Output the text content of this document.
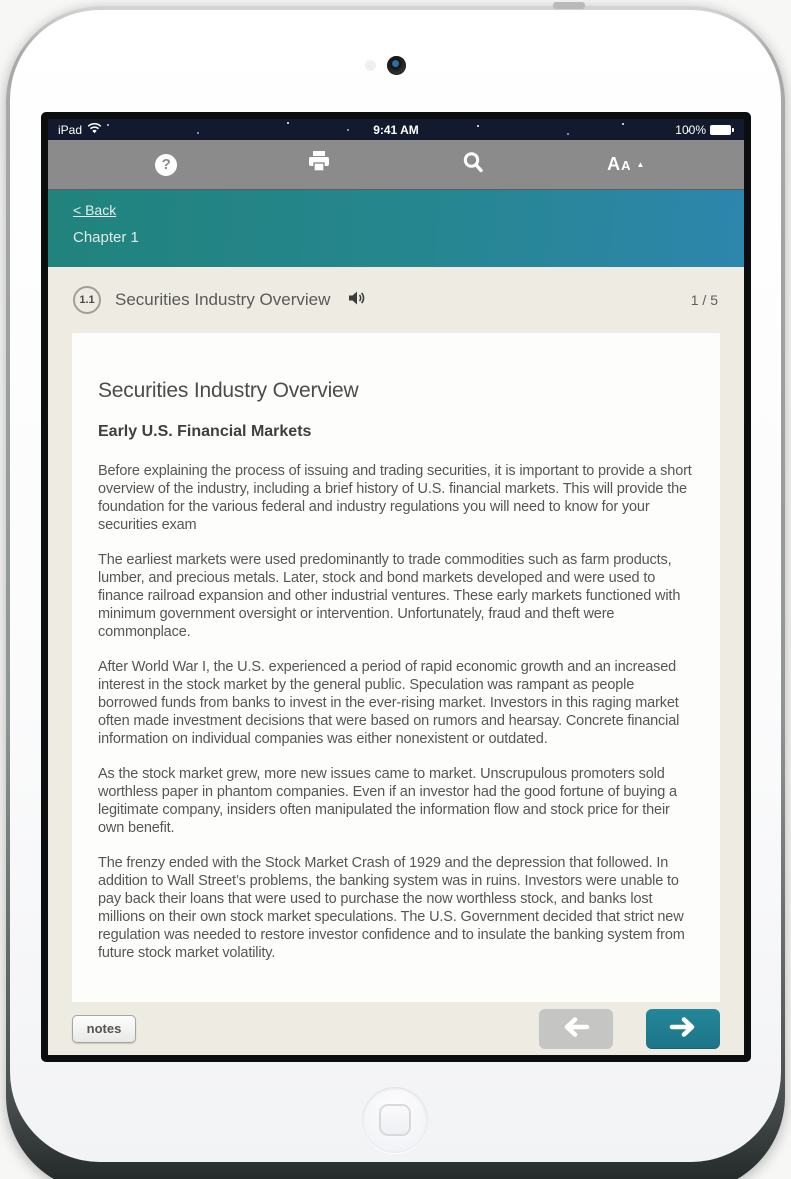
iPad	9:41 AM	100%
?	A A ▲
< Back
Chapter 1
1.1	Securities Industry Overview	1 / 5
Securities Industry Overview
Early U.S. Financial Markets

Before explaining the process of issuing and trading securities, it is important to provide a short overview of the industry, including a brief history of U.S. financial markets. This will provide the foundation for the various federal and industry regulations you will need to know for your securities exam

The earliest markets were used predominantly to trade commodities such as farm products, lumber, and precious metals. Later, stock and bond markets developed and were used to finance railroad expansion and other industrial ventures. These early markets functioned with minimum government oversight or intervention. Unfortunately, fraud and theft were commonplace.

After World War I, the U.S. experienced a period of rapid economic growth and an increased interest in the stock market by the general public. Speculation was rampant as people borrowed funds from banks to invest in the ever-rising market. Investors in this raging market often made investment decisions that were based on rumors and hearsay. Concrete financial information on individual companies was either nonexistent or outdated.

As the stock market grew, more new issues came to market. Unscrupulous promoters sold worthless paper in phantom companies. Even if an investor had the good fortune of buying a legitimate company, insiders often manipulated the information flow and stock price for their own benefit.

The frenzy ended with the Stock Market Crash of 1929 and the depression that followed. In addition to Wall Street’s problems, the banking system was in ruins. Investors were unable to pay back their loans that were used to purchase the now worthless stock, and banks lost millions on their own stock market speculations. The U.S. Government decided that strict new regulation was needed to restore investor confidence and to insulate the banking system from future stock market volatility.

notes
